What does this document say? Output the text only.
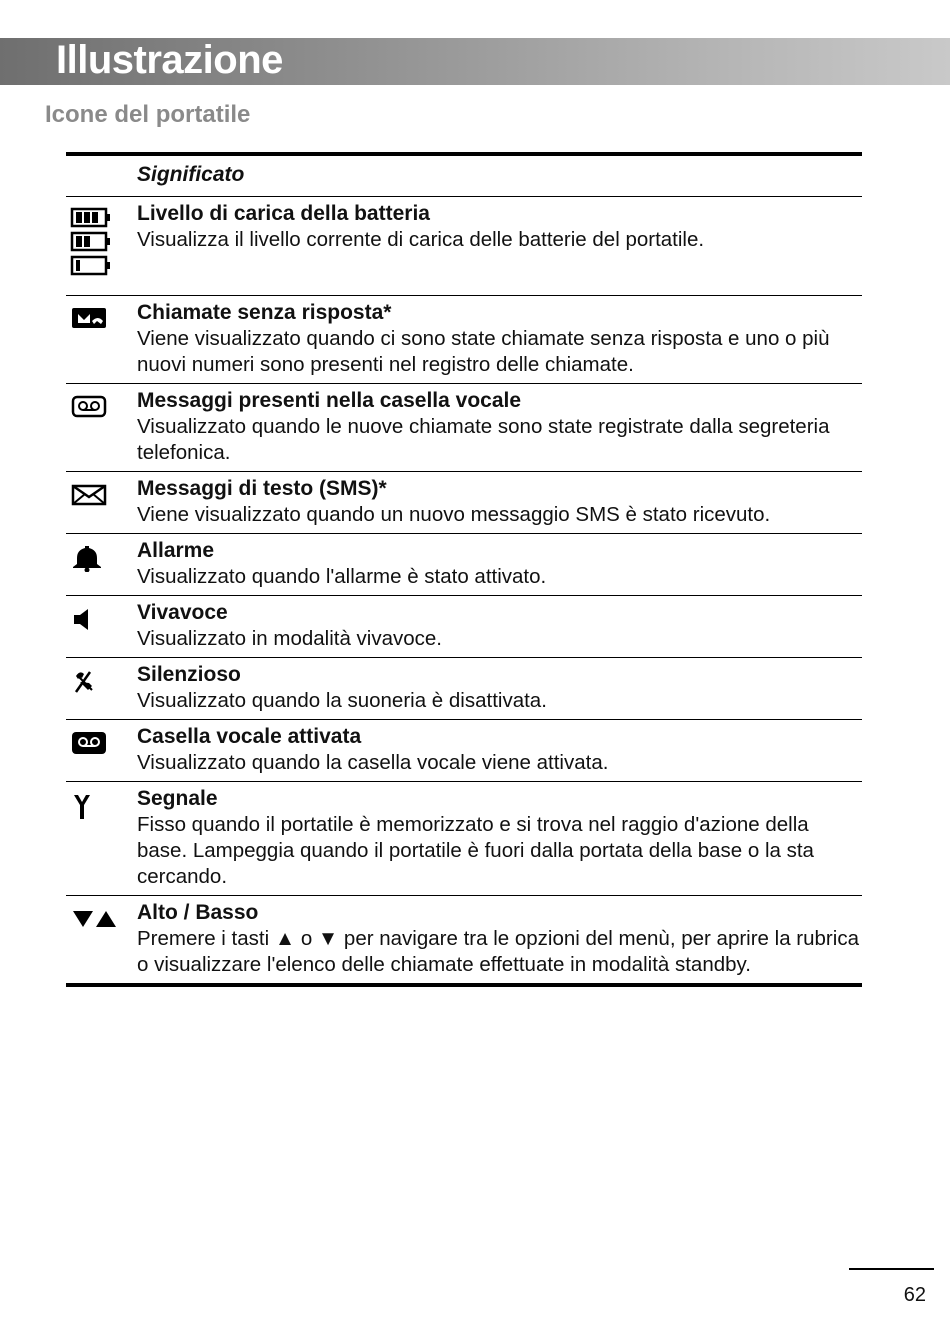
Illustrazione
Icone del portatile
Significato
Livello di carica della batteria
Visualizza il livello corrente di carica delle batterie del portatile.
Chiamate senza risposta*
Viene visualizzato quando ci sono state chiamate senza risposta e uno o più nuovi numeri sono presenti nel registro delle chiamate.
Messaggi presenti nella casella vocale
Visualizzato quando le nuove chiamate sono state registrate dalla segreteria telefonica.
Messaggi di testo (SMS)*
Viene visualizzato quando un nuovo messaggio SMS è stato ricevuto.
Allarme
Visualizzato quando l'allarme è stato attivato.
Vivavoce
Visualizzato in modalità vivavoce.
Silenzioso
Visualizzato quando la suoneria è disattivata.
Casella vocale attivata
Visualizzato quando la casella vocale viene attivata.
Segnale
Fisso quando il portatile è memorizzato e si trova nel raggio d'azione della base. Lampeggia quando il portatile è fuori dalla portata della base o la sta cercando.
Alto / Basso
Premere i tasti ▲ o ▼ per navigare tra le opzioni del menù, per aprire la rubrica o visualizzare l'elenco delle chiamate effettuate in modalità standby.
62
